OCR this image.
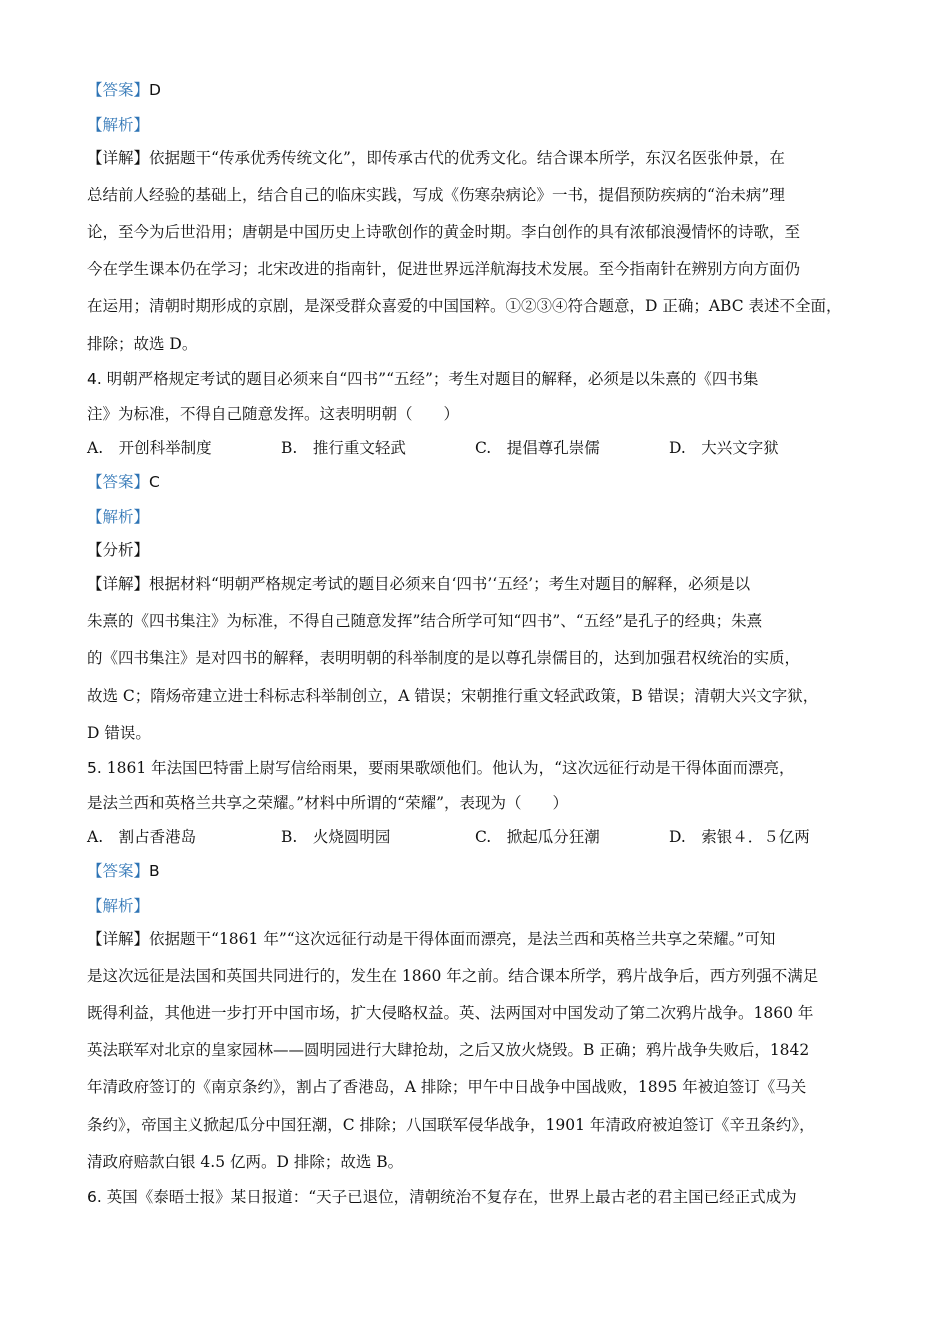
【答案】D
【解析】
【详解】依据题干“传承优秀传统文化”，即传承古代的优秀文化。结合课本所学，东汉名医张仲景，在
总结前人经验的基础上，结合自己的临床实践，写成《伤寒杂病论》一书，提倡预防疾病的“治未病”理
论，至今为后世沿用；唐朝是中国历史上诗歌创作的黄金时期。李白创作的具有浓郁浪漫情怀的诗歌，至
今在学生课本仍在学习；北宋改进的指南针，促进世界远洋航海技术发展。至今指南针在辨别方向方面仍
在运用；清朝时期形成的京剧，是深受群众喜爱的中国国粹。①②③④符合题意，D 正确；ABC 表述不全面，
排除；故选 D。
4. 明朝严格规定考试的题目必须来自“四书”“五经”；考生对题目的解释，必须是以朱熹的《四书集
注》为标准，不得自己随意发挥。这表明明朝（　　）
A.　开创科举制度	B.　推行重文轻武	C.　提倡尊孔崇儒	D.　大兴文字狱
【答案】C
【解析】
【分析】
【详解】根据材料“明朝严格规定考试的题目必须来自‘四书’‘五经’；考生对题目的解释，必须是以
朱熹的《四书集注》为标准，不得自己随意发挥”结合所学可知“四书”、“五经”是孔子的经典；朱熹
的《四书集注》是对四书的解释，表明明朝的科举制度的是以尊孔崇儒目的，达到加强君权统治的实质，
故选 C；隋炀帝建立进士科标志科举制创立，A 错误；宋朝推行重文轻武政策，B 错误；清朝大兴文字狱，
D 错误。
5. 1861 年法国巴特雷上尉写信给雨果，要雨果歌颂他们。他认为，“这次远征行动是干得体面而漂亮，
是法兰西和英格兰共享之荣耀。”材料中所谓的“荣耀”，表现为（　　）
A.　割占香港岛	B.　火烧圆明园	C.　掀起瓜分狂潮	D.　索银４．５亿两
【答案】B
【解析】
【详解】依据题干“1861 年”“这次远征行动是干得体面而漂亮，是法兰西和英格兰共享之荣耀。”可知
是这次远征是法国和英国共同进行的，发生在 1860 年之前。结合课本所学，鸦片战争后，西方列强不满足
既得利益，其他进一步打开中国市场，扩大侵略权益。英、法两国对中国发动了第二次鸦片战争。1860 年
英法联军对北京的皇家园林——圆明园进行大肆抢劫，之后又放火烧毁。B 正确；鸦片战争失败后，1842
年清政府签订的《南京条约》，割占了香港岛，A 排除；甲午中日战争中国战败，1895 年被迫签订《马关
条约》，帝国主义掀起瓜分中国狂潮，C 排除；八国联军侵华战争，1901 年清政府被迫签订《辛丑条约》，
清政府赔款白银 4.5 亿两。D 排除；故选 B。
6. 英国《泰晤士报》某日报道：“天子已退位，清朝统治不复存在，世界上最古老的君主国已经正式成为
